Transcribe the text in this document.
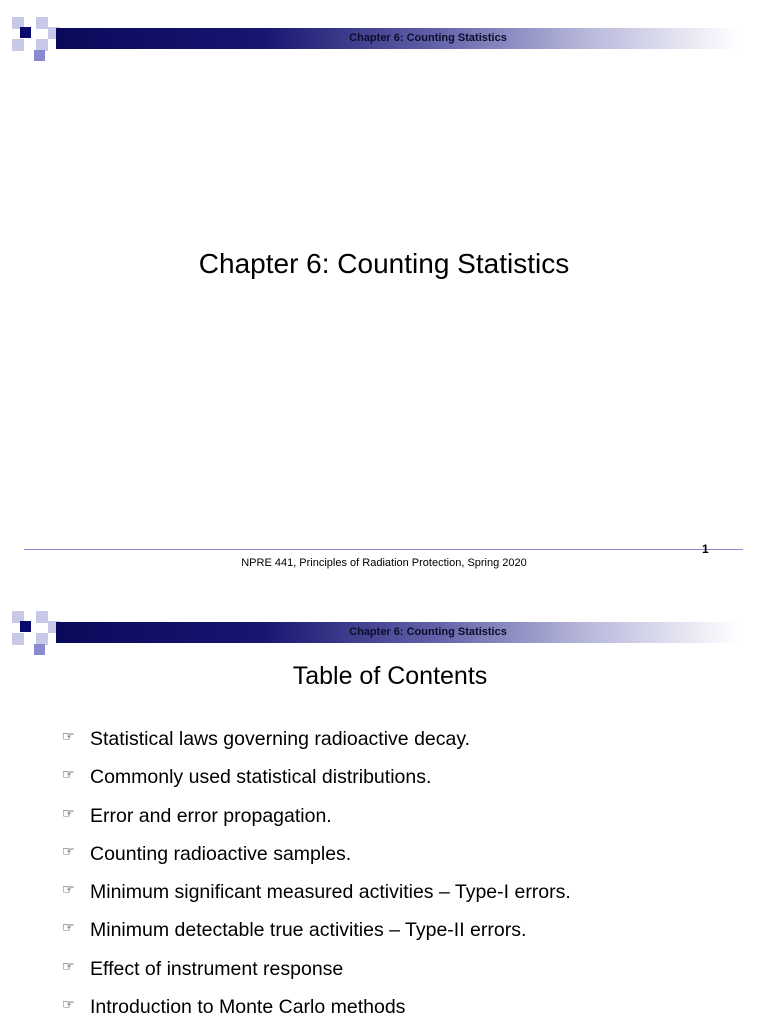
Chapter 6: Counting Statistics
Chapter 6: Counting Statistics
1
NPRE 441, Principles of Radiation Protection, Spring 2020
Chapter 6: Counting Statistics
Table of Contents
☞ Statistical laws governing radioactive decay.
☞ Commonly used statistical distributions.
☞ Error and error propagation.
☞ Counting radioactive samples.
☞ Minimum significant measured activities – Type-I errors.
☞ Minimum detectable true activities – Type-II errors.
☞ Effect of instrument response
☞ Introduction to Monte Carlo methods
